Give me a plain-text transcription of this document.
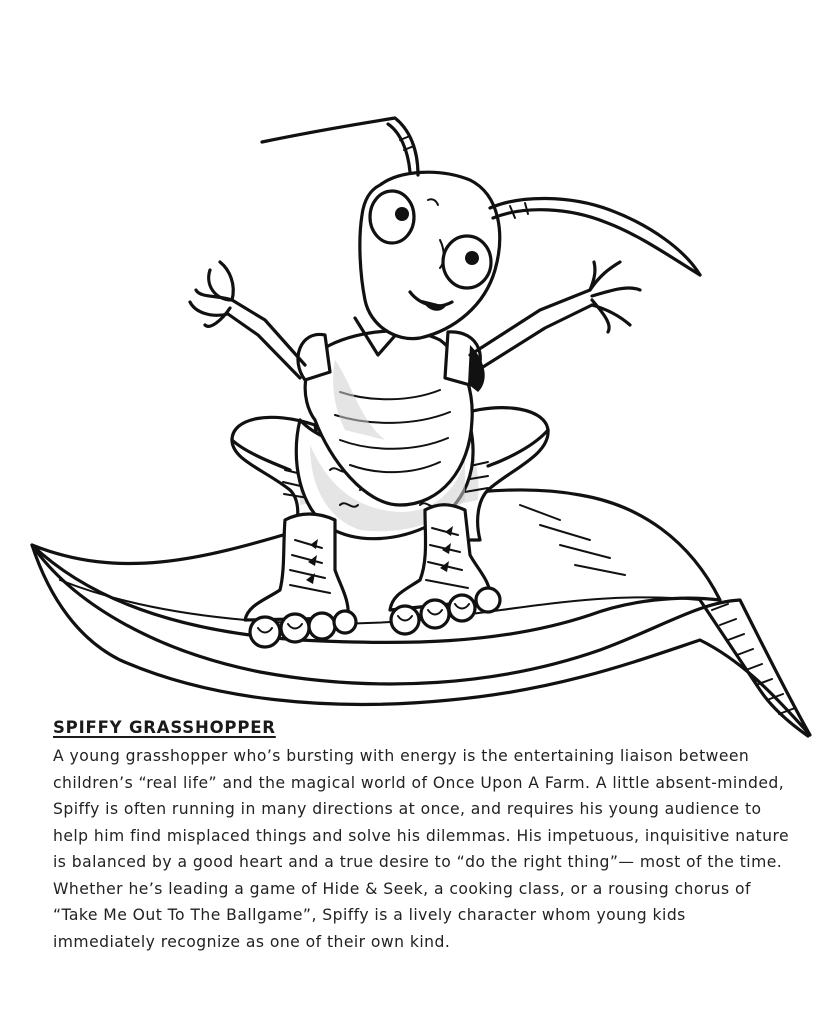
SPIFFY GRASSHOPPER

A young grasshopper who’s bursting with energy is the entertaining liaison between children’s “real life” and the magical world of Once Upon A Farm. A little absent-minded, Spiffy is often running in many directions at once, and requires his young audience to help him find misplaced things and solve his dilemmas. His impetuous, inquisitive nature is balanced by a good heart and a true desire to “do the right thing”— most of the time. Whether he’s leading a game of Hide & Seek, a cooking class, or a rousing chorus of “Take Me Out To The Ballgame”, Spiffy is a lively character whom young kids immediately recognize as one of their own kind.
